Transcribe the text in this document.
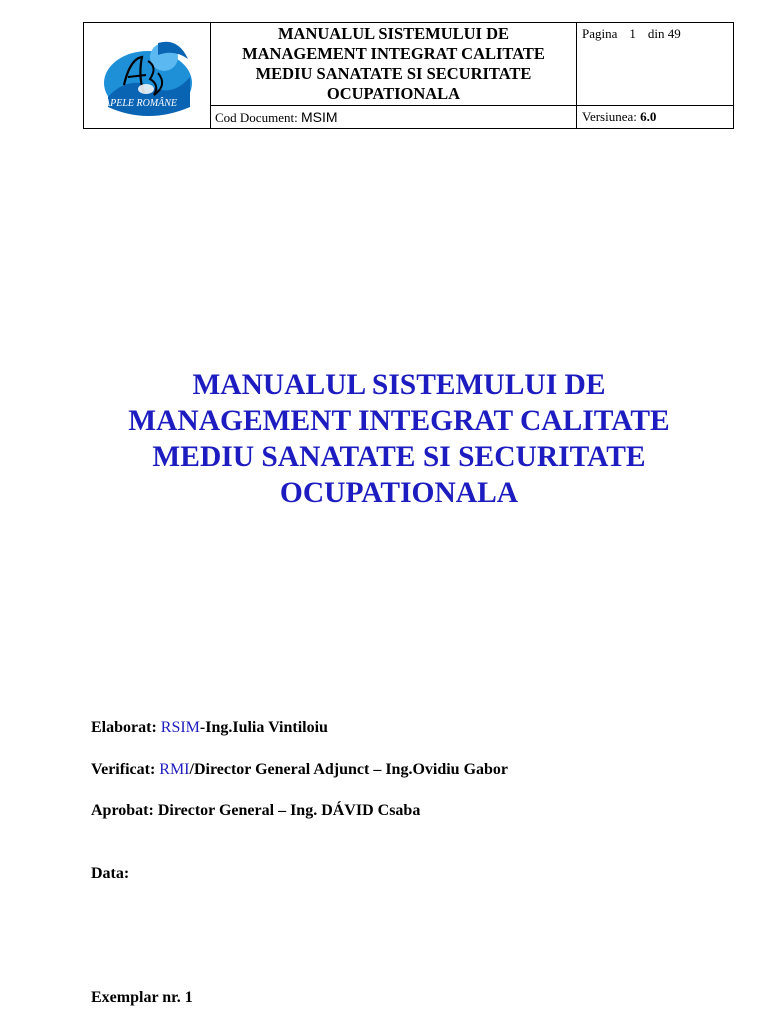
APELE ROMÂNE
MANUALUL SISTEMULUI DE
MANAGEMENT INTEGRAT CALITATE
MEDIU SANATATE SI SECURITATE
OCUPATIONALA
Pagina 1 din 49
Cod Document: MSIM	Versiunea: 6.0
MANUALUL SISTEMULUI DE
MANAGEMENT INTEGRAT CALITATE
MEDIU SANATATE SI SECURITATE
OCUPATIONALA
Elaborat: RSIM-Ing.Iulia Vintiloiu
Verificat: RMI/Director General Adjunct – Ing.Ovidiu Gabor
Aprobat: Director General – Ing. DÁVID Csaba
Data:
Exemplar nr. 1
